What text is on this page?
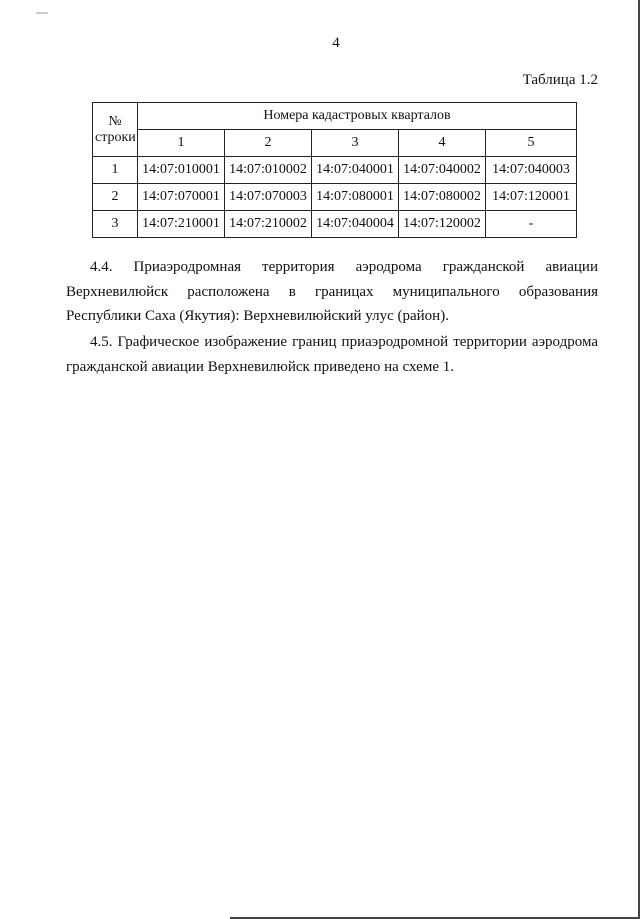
4
Таблица 1.2
№ строки	Номера кадастровых кварталов				
	1	2	3	4	5
1	14:07:010001	14:07:010002	14:07:040001	14:07:040002	14:07:040003
2	14:07:070001	14:07:070003	14:07:080001	14:07:080002	14:07:120001
3	14:07:210001	14:07:210002	14:07:040004	14:07:120002	-
4.4. Приаэродромная территория аэродрома гражданской авиации
Верхневилюйск расположена в границах муниципального образования Республики Саха (Якутия): Верхневилюйский улус (район).
4.5. Графическое изображение границ приаэродромной территории аэродрома
гражданской авиации Верхневилюйск приведено на схеме 1.
